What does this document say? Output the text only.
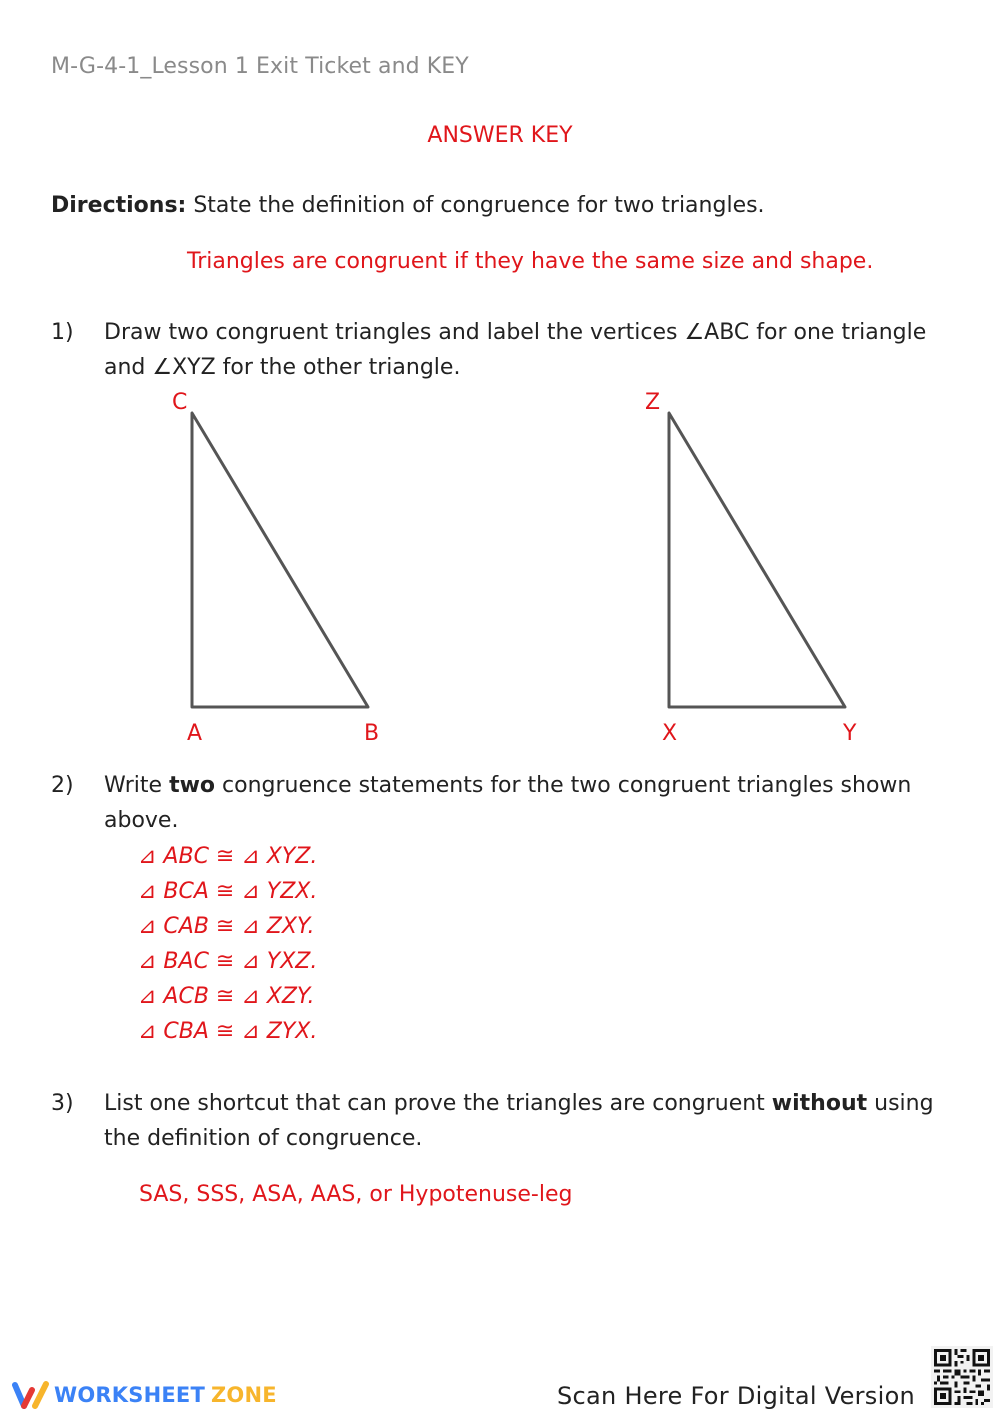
M-G-4-1_Lesson 1 Exit Ticket and KEY
ANSWER KEY
Directions: State the definition of congruence for two triangles.
Triangles are congruent if they have the same size and shape.
1) Draw two congruent triangles and label the vertices ∠ABC for one triangle
and ∠XYZ for the other triangle.
C
A	B
Z
X	Y
2) Write two congruence statements for the two congruent triangles shown
above.
⊿ ABC ≅ ⊿ XYZ.
⊿ BCA ≅ ⊿ YZX.
⊿ CAB ≅ ⊿ ZXY.
⊿ BAC ≅ ⊿ YXZ.
⊿ ACB ≅ ⊿ XZY.
⊿ CBA ≅ ⊿ ZYX.
3) List one shortcut that can prove the triangles are congruent without using
the definition of congruence.
SAS, SSS, ASA, AAS, or Hypotenuse-leg
WORKSHEET ZONE	Scan Here For Digital Version
